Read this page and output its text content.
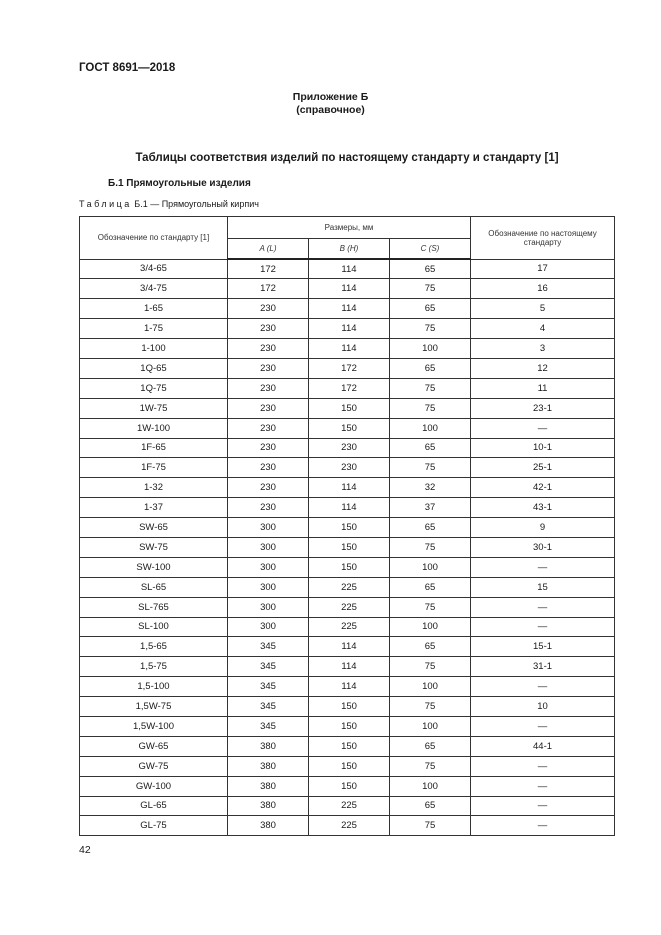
ГОСТ 8691—2018
Приложение Б
(справочное)
Таблицы соответствия изделий по настоящему стандарту и стандарту [1]
Б.1 Прямоугольные изделия
Таблица Б.1 — Прямоугольный кирпич
Обозначение по стандарту [1]	Размеры, мм			Обозначение по настоящему стандарту
	A (L)	B (H)	C (S)	
3/4-65	172	114	65	17
3/4-75	172	114	75	16
1-65	230	114	65	5
1-75	230	114	75	4
1-100	230	114	100	3
1Q-65	230	172	65	12
1Q-75	230	172	75	11
1W-75	230	150	75	23-1
1W-100	230	150	100	—
1F-65	230	230	65	10-1
1F-75	230	230	75	25-1
1-32	230	114	32	42-1
1-37	230	114	37	43-1
SW-65	300	150	65	9
SW-75	300	150	75	30-1
SW-100	300	150	100	—
SL-65	300	225	65	15
SL-765	300	225	75	—
SL-100	300	225	100	—
1,5-65	345	114	65	15-1
1,5-75	345	114	75	31-1
1,5-100	345	114	100	—
1,5W-75	345	150	75	10
1,5W-100	345	150	100	—
GW-65	380	150	65	44-1
GW-75	380	150	75	—
GW-100	380	150	100	—
GL-65	380	225	65	—
GL-75	380	225	75	—
42
